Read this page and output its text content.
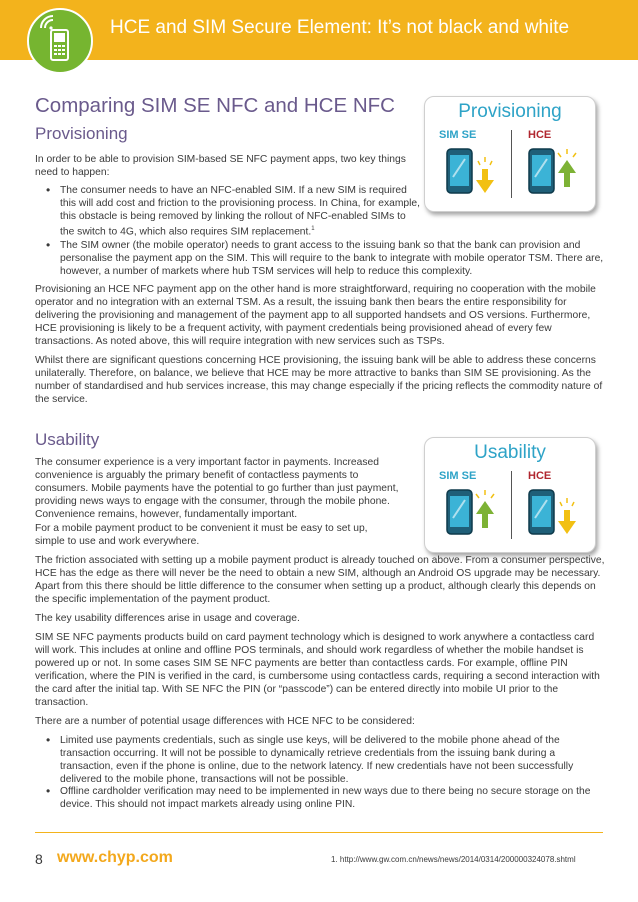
HCE and SIM Secure Element: It’s not black and white
Comparing SIM SE NFC and HCE NFC
Provisioning
In order to be able to provision SIM-based SE NFC payment apps, two key things need to happen:
• The consumer needs to have an NFC-enabled SIM. If a new SIM is required this will add cost and friction to the provisioning process. In China, for example, this obstacle is being removed by linking the rollout of NFC-enabled SIMs to the switch to 4G, which also requires SIM replacement.$^1$
• The SIM owner (the mobile operator) needs to grant access to the issuing bank so that the bank can provision and personalise the payment app on the SIM. This will require to the bank to integrate with mobile operator TSM. There are, however, a number of markets where hub TSM services will help to reduce this complexity.
Provisioning an HCE NFC payment app on the other hand is more straightforward, requiring no cooperation with the mobile operator and no integration with an external TSM. As a result, the issuing bank then bears the entire responsibility for delivering the provisioning and management of the payment app to all supported handsets and OS versions. Furthermore, HCE provisioning is likely to be a frequent activity, with payment credentials being provisioned ahead of every few transactions. As noted above, this will require integration with new services such as TSPs.
Whilst there are significant questions concerning HCE provisioning, the issuing bank will be able to address these concerns unilaterally. Therefore, on balance, we believe that HCE may be more attractive to banks than SIM SE provisioning. As the number of standardised and hub services increase, this may change especially if the pricing reflects the commodity nature of the service.
Provisioning
SIM SE	HCE
Usability
The consumer experience is a very important factor in payments. Increased convenience is arguably the primary benefit of contactless payments to consumers. Mobile payments have the potential to go further than just payment, providing news ways to engage with the consumer, through the mobile phone. Convenience remains, however, fundamentally important.
For a mobile payment product to be convenient it must be easy to set up, simple to use and work everywhere.
The friction associated with setting up a mobile payment product is already touched on above. From a consumer perspective, HCE has the edge as there will never be the need to obtain a new SIM, although an Android OS upgrade may be necessary. Apart from this there should be little difference to the consumer when setting up a product, although clearly this depends on the specific implementation of the payment product.
The key usability differences arise in usage and coverage.
SIM SE NFC payments products build on card payment technology which is designed to work anywhere a contactless card will work. This includes at online and offline POS terminals, and should work regardless of whether the mobile handset is powered up or not. In some cases SIM SE NFC payments are better than contactless cards. For example, offline PIN verification, where the PIN is verified in the card, is cumbersome using contactless cards, requiring a second interaction with the card after the initial tap. With SE NFC the PIN (or “passcode”) can be entered directly into mobile UI prior to the transaction.
There are a number of potential usage differences with HCE NFC to be considered:
• Limited use payments credentials, such as single use keys, will be delivered to the mobile phone ahead of the transaction occurring. It will not be possible to dynamically retrieve credentials from the issuing bank during a transaction, even if the phone is online, due to the network latency. If new credentials have not been successfully delivered to the mobile phone, transactions will not be possible.
• Offline cardholder verification may need to be implemented in new ways due to there being no secure storage on the device. This should not impact markets already using online PIN.
Usability
SIM SE	HCE
8 www.chyp.com	1. http://www.gw.com.cn/news/news/2014/0314/200000324078.shtml
